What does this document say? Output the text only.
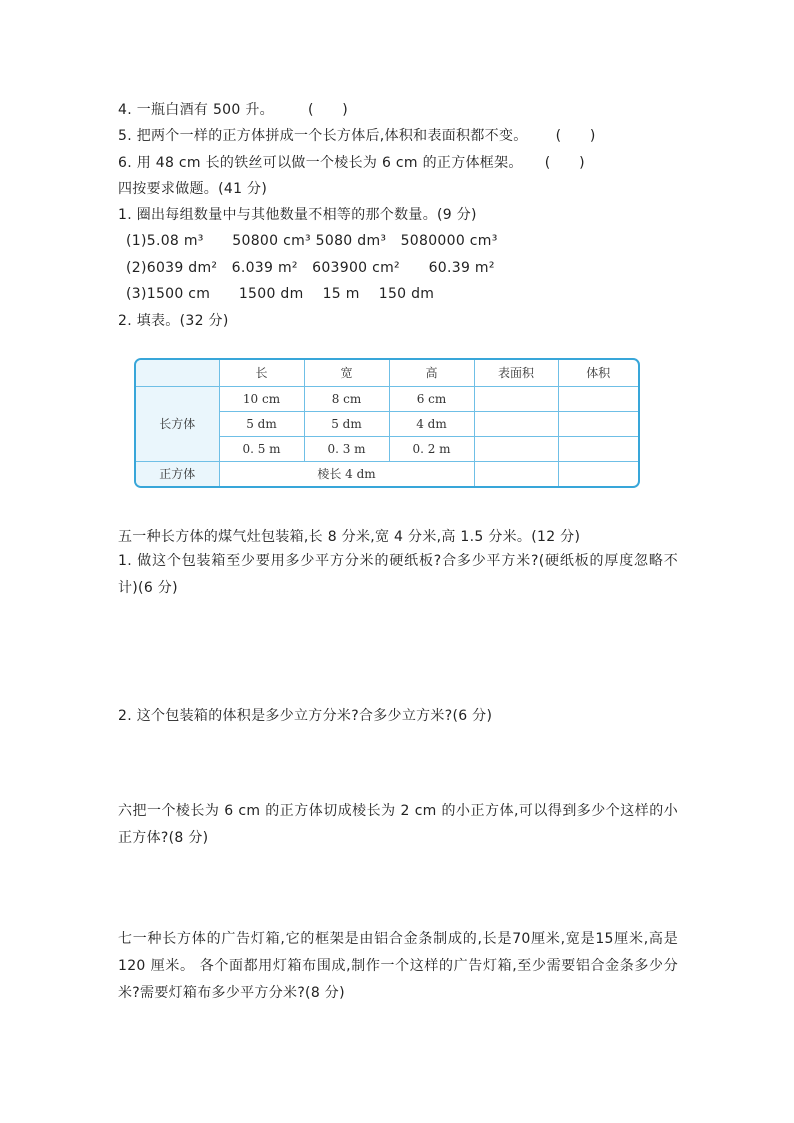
4. 一瓶白酒有 500 升。 (　　)
5. 把两个一样的正方体拼成一个长方体后,体积和表面积都不变。 (　　)
6. 用 48 cm 长的铁丝可以做一个棱长为 6 cm 的正方体框架。 (　　)
四按要求做题。(41 分)
1. 圈出每组数量中与其他数量不相等的那个数量。(9 分)
(1)5.08 m³　　50800 cm³ 5080 dm³　5080000 cm³
(2)6039 dm²　6.039 m²　603900 cm²　　60.39 m²
(3)1500 cm　　1500 dm　 15 m　 150 dm
2. 填表。(32 分)
	长	宽	高	表面积	体积
长方体	10 cm	8 cm	6 cm		
	5 dm	5 dm	4 dm		
	0. 5 m	0. 3 m	0. 2 m		
正方体	棱长 4 dm				
五一种长方体的煤气灶包装箱,长 8 分米,宽 4 分米,高 1.5 分米。(12 分)
1. 做这个包装箱至少要用多少平方分米的硬纸板?合多少平方米?(硬纸板的厚度忽略不计)(6 分)
2. 这个包装箱的体积是多少立方分米?合多少立方米?(6 分)
六把一个棱长为 6 cm 的正方体切成棱长为 2 cm 的小正方体,可以得到多少个这样的小正方体?(8 分)
七一种长方体的广告灯箱,它的框架是由铝合金条制成的,长是70厘米,宽是15厘米,高是 120 厘米。 各个面都用灯箱布围成,制作一个这样的广告灯箱,至少需要铝合金条多少分米?需要灯箱布多少平方分米?(8 分)
